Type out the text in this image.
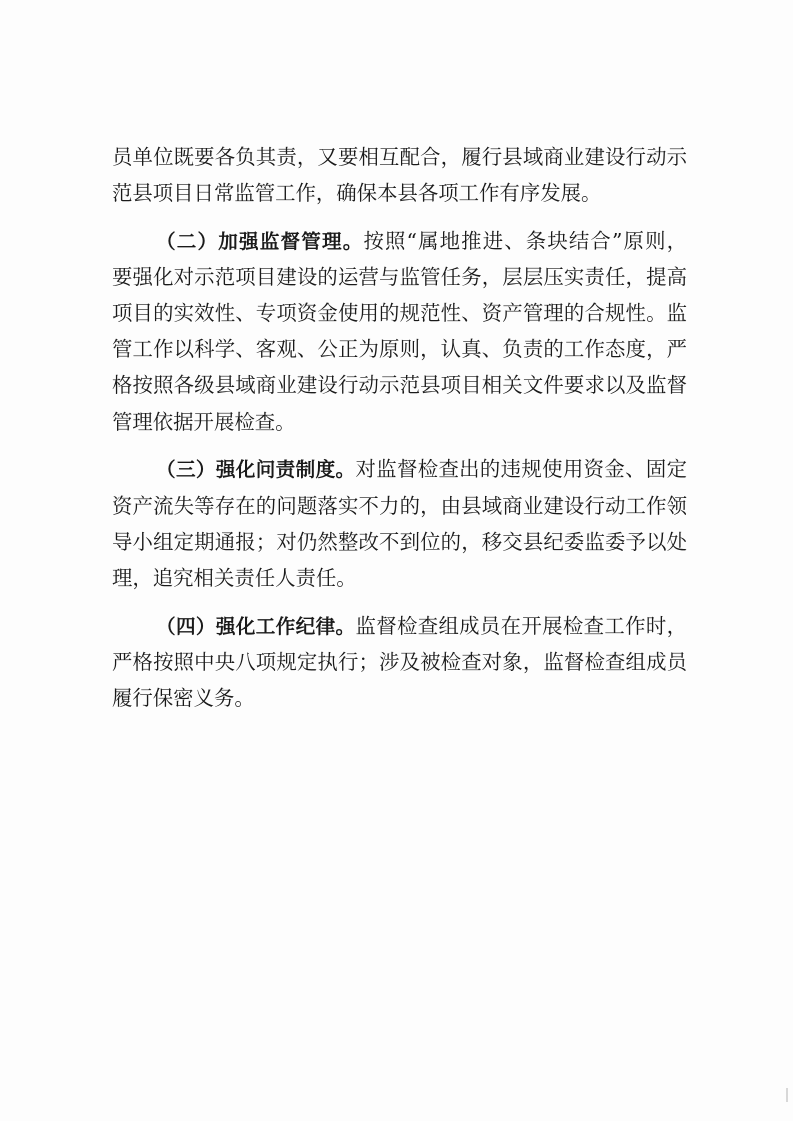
员单位既要各负其责，又要相互配合，履行县域商业建设行动示
范县项目日常监管工作，确保本县各项工作有序发展。
（二）加强监督管理。按照“属地推进、条块结合”原则，
要强化对示范项目建设的运营与监管任务，层层压实责任，提高
项目的实效性、专项资金使用的规范性、资产管理的合规性。监
管工作以科学、客观、公正为原则，认真、负责的工作态度，严
格按照各级县域商业建设行动示范县项目相关文件要求以及监督
管理依据开展检查。
（三）强化问责制度。对监督检查出的违规使用资金、固定
资产流失等存在的问题落实不力的，由县域商业建设行动工作领
导小组定期通报；对仍然整改不到位的，移交县纪委监委予以处
理，追究相关责任人责任。
（四）强化工作纪律。监督检查组成员在开展检查工作时，
严格按照中央八项规定执行；涉及被检查对象，监督检查组成员
履行保密义务。
